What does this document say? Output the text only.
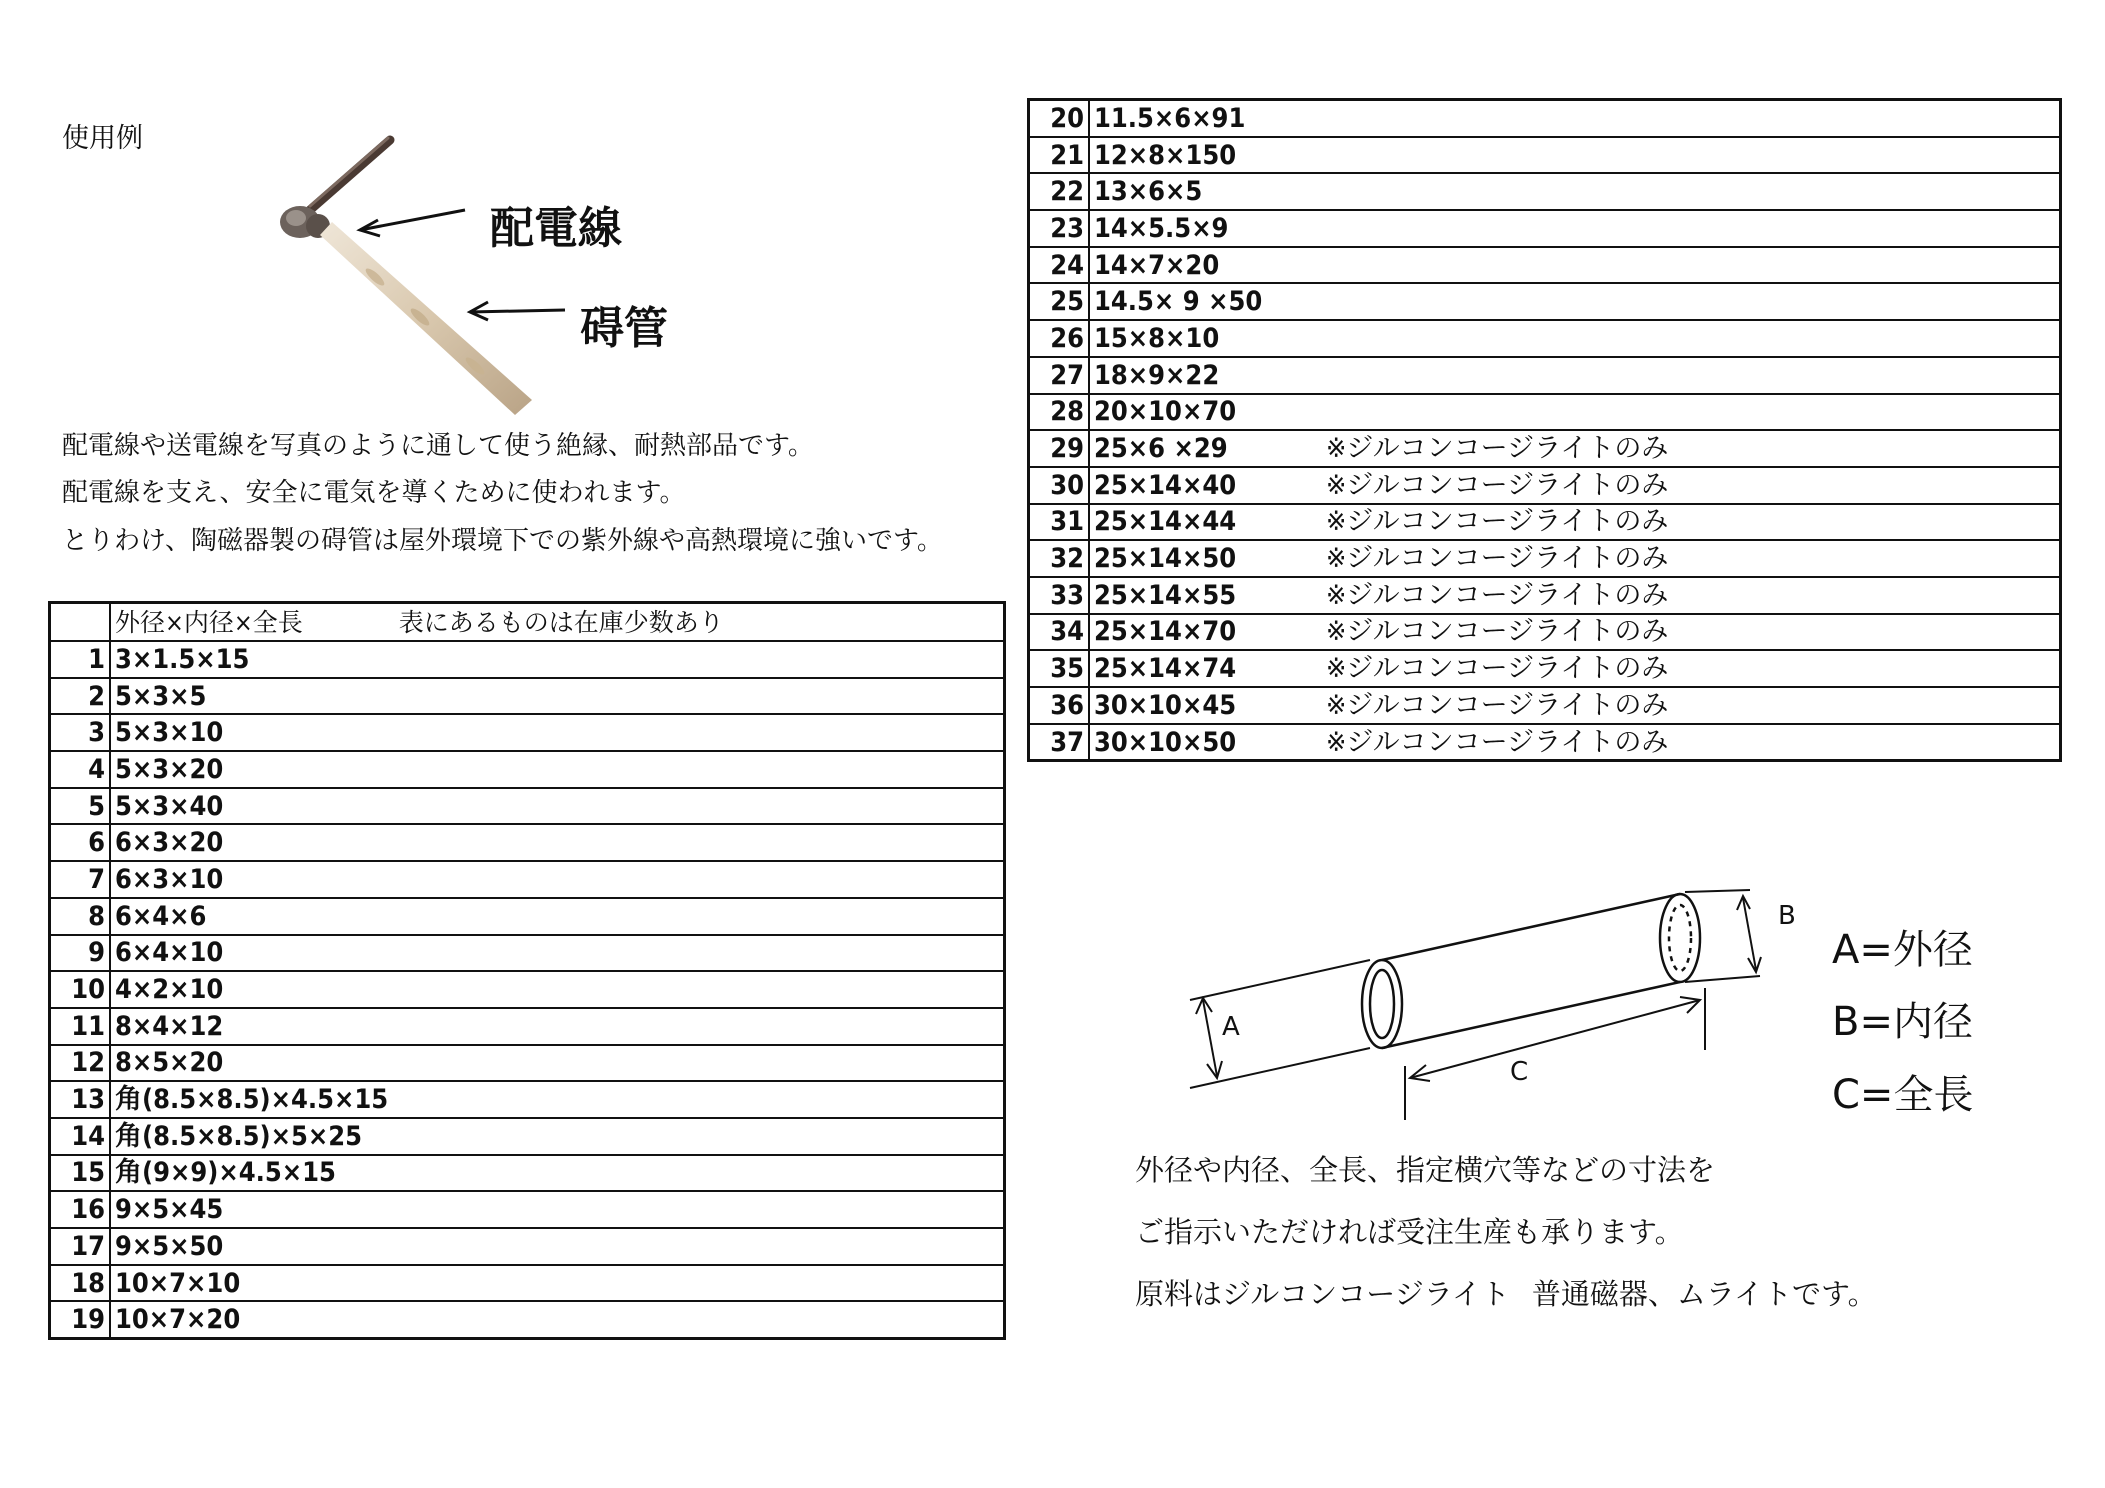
使用例
配電線
碍管
配電線や送電線を写真のように通して使う絶縁、耐熱部品です。
配電線を支え、安全に電気を導くために使われます。
とりわけ、陶磁器製の碍管は屋外環境下での紫外線や高熱環境に強いです。
	外径×内径×全長 表にあるものは在庫少数あり
1	3×1.5×15
2	5×3×5
3	5×3×10
4	5×3×20
5	5×3×40
6	6×3×20
7	6×3×10
8	6×4×6
9	6×4×10
10	4×2×10
11	8×4×12
12	8×5×20
13	角(8.5×8.5)×4.5×15
14	角(8.5×8.5)×5×25
15	角(9×9)×4.5×15
16	9×5×45
17	9×5×50
18	10×7×10
19	10×7×20
20	11.5×6×91
21	12×8×150
22	13×6×5
23	14×5.5×9
24	14×7×20
25	14.5× 9 ×50
26	15×8×10
27	18×9×22
28	20×10×70
29	25×6 ×29 ※ジルコンコージライトのみ

30	25×14×40 ※ジルコンコージライトのみ

31	25×14×44 ※ジルコンコージライトのみ

32	25×14×50 ※ジルコンコージライトのみ

33	25×14×55 ※ジルコンコージライトのみ

34	25×14×70 ※ジルコンコージライトのみ

35	25×14×74 ※ジルコンコージライトのみ

36	30×10×45 ※ジルコンコージライトのみ

37	30×10×50 ※ジルコンコージライトのみ
A
B
C
A=外径
B=内径
C=全長
外径や内径、全長、指定横穴等などの寸法を
ご指示いただければ受注生産も承ります。
原料はジルコンコージライト 普通磁器、ムライトです。
